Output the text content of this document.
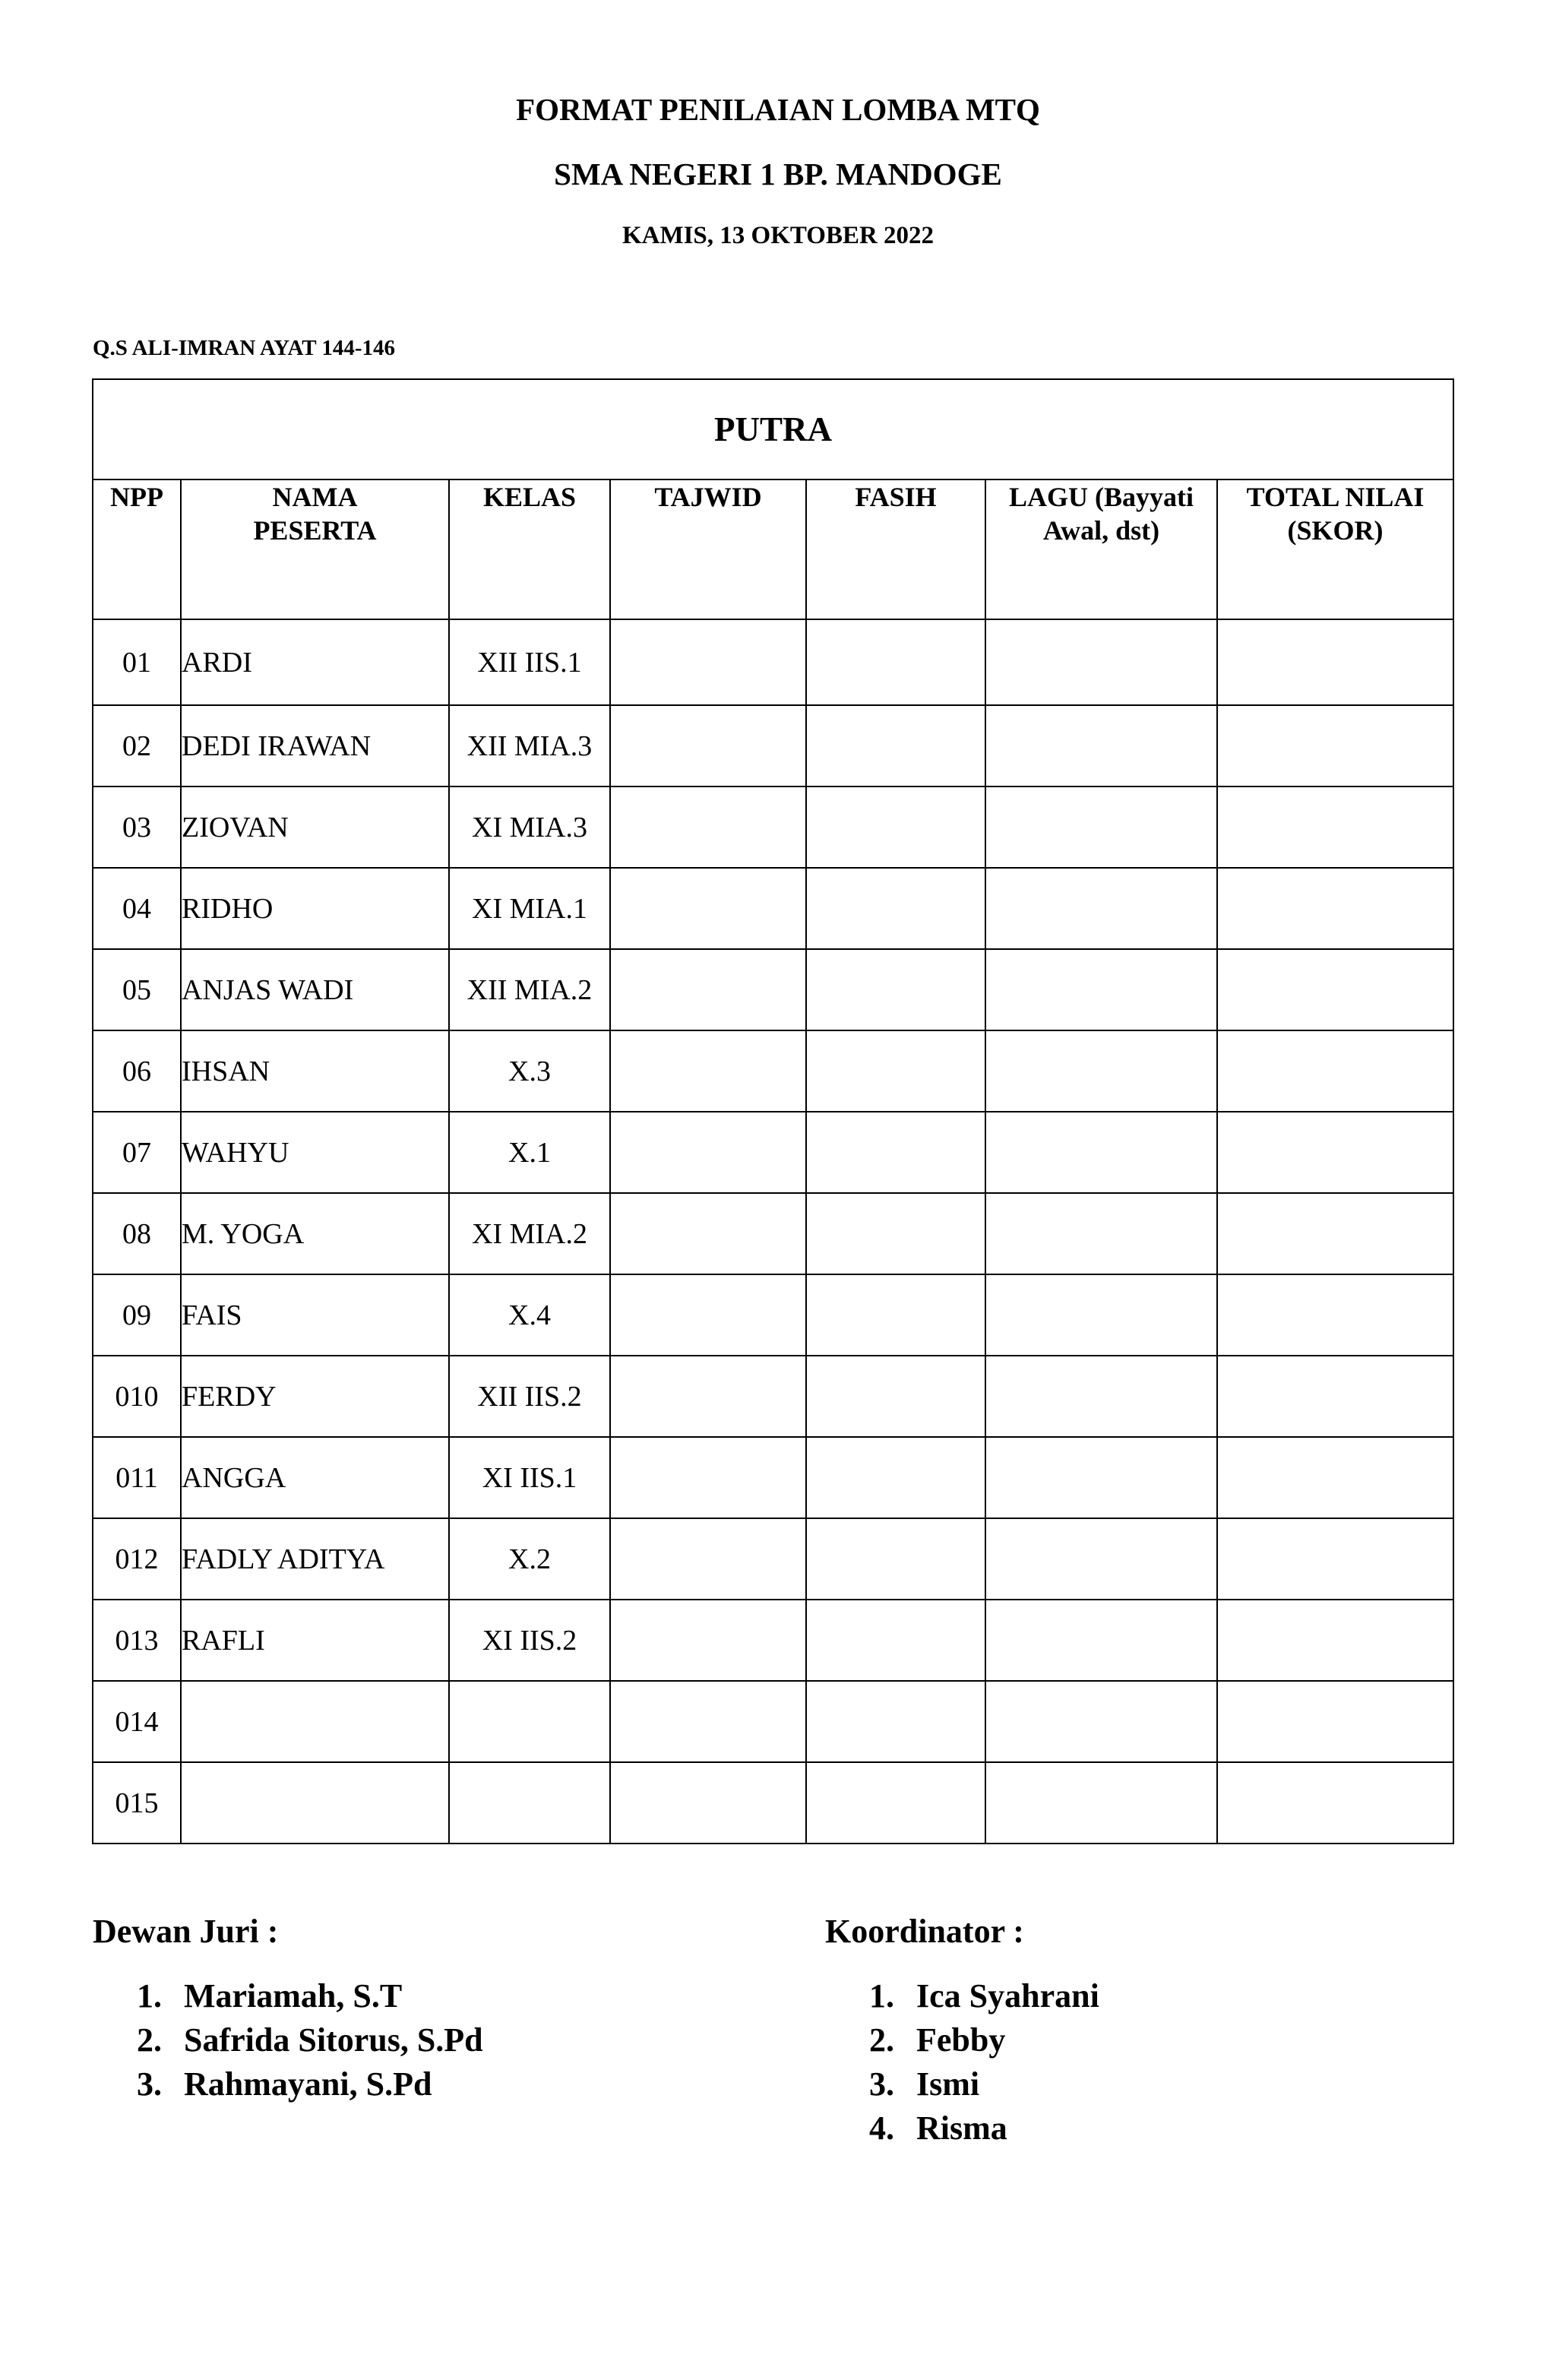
FORMAT PENILAIAN LOMBA MTQ
SMA NEGERI 1 BP. MANDOGE
KAMIS, 13 OKTOBER 2022
Q.S ALI-IMRAN AYAT 144-146
PUTRA						
NPP	NAMA PESERTA	KELAS	TAJWID	FASIH	LAGU (Bayyati Awal, dst)	TOTAL NILAI (SKOR)
01	ARDI	XII IIS.1				
02	DEDI IRAWAN	XII MIA.3				
03	ZIOVAN	XI MIA.3				
04	RIDHO	XI MIA.1				
05	ANJAS WADI	XII MIA.2				
06	IHSAN	X.3				
07	WAHYU	X.1				
08	M. YOGA	XI MIA.2				
09	FAIS	X.4				
010	FERDY	XII IIS.2				
011	ANGGA	XI IIS.1				
012	FADLY ADITYA	X.2				
013	RAFLI	XI IIS.2				
014						
015						
Dewan Juri :
1. Mariamah, S.T
2. Safrida Sitorus, S.Pd
3. Rahmayani, S.Pd
Koordinator :
1. Ica Syahrani
2. Febby
3. Ismi
4. Risma
